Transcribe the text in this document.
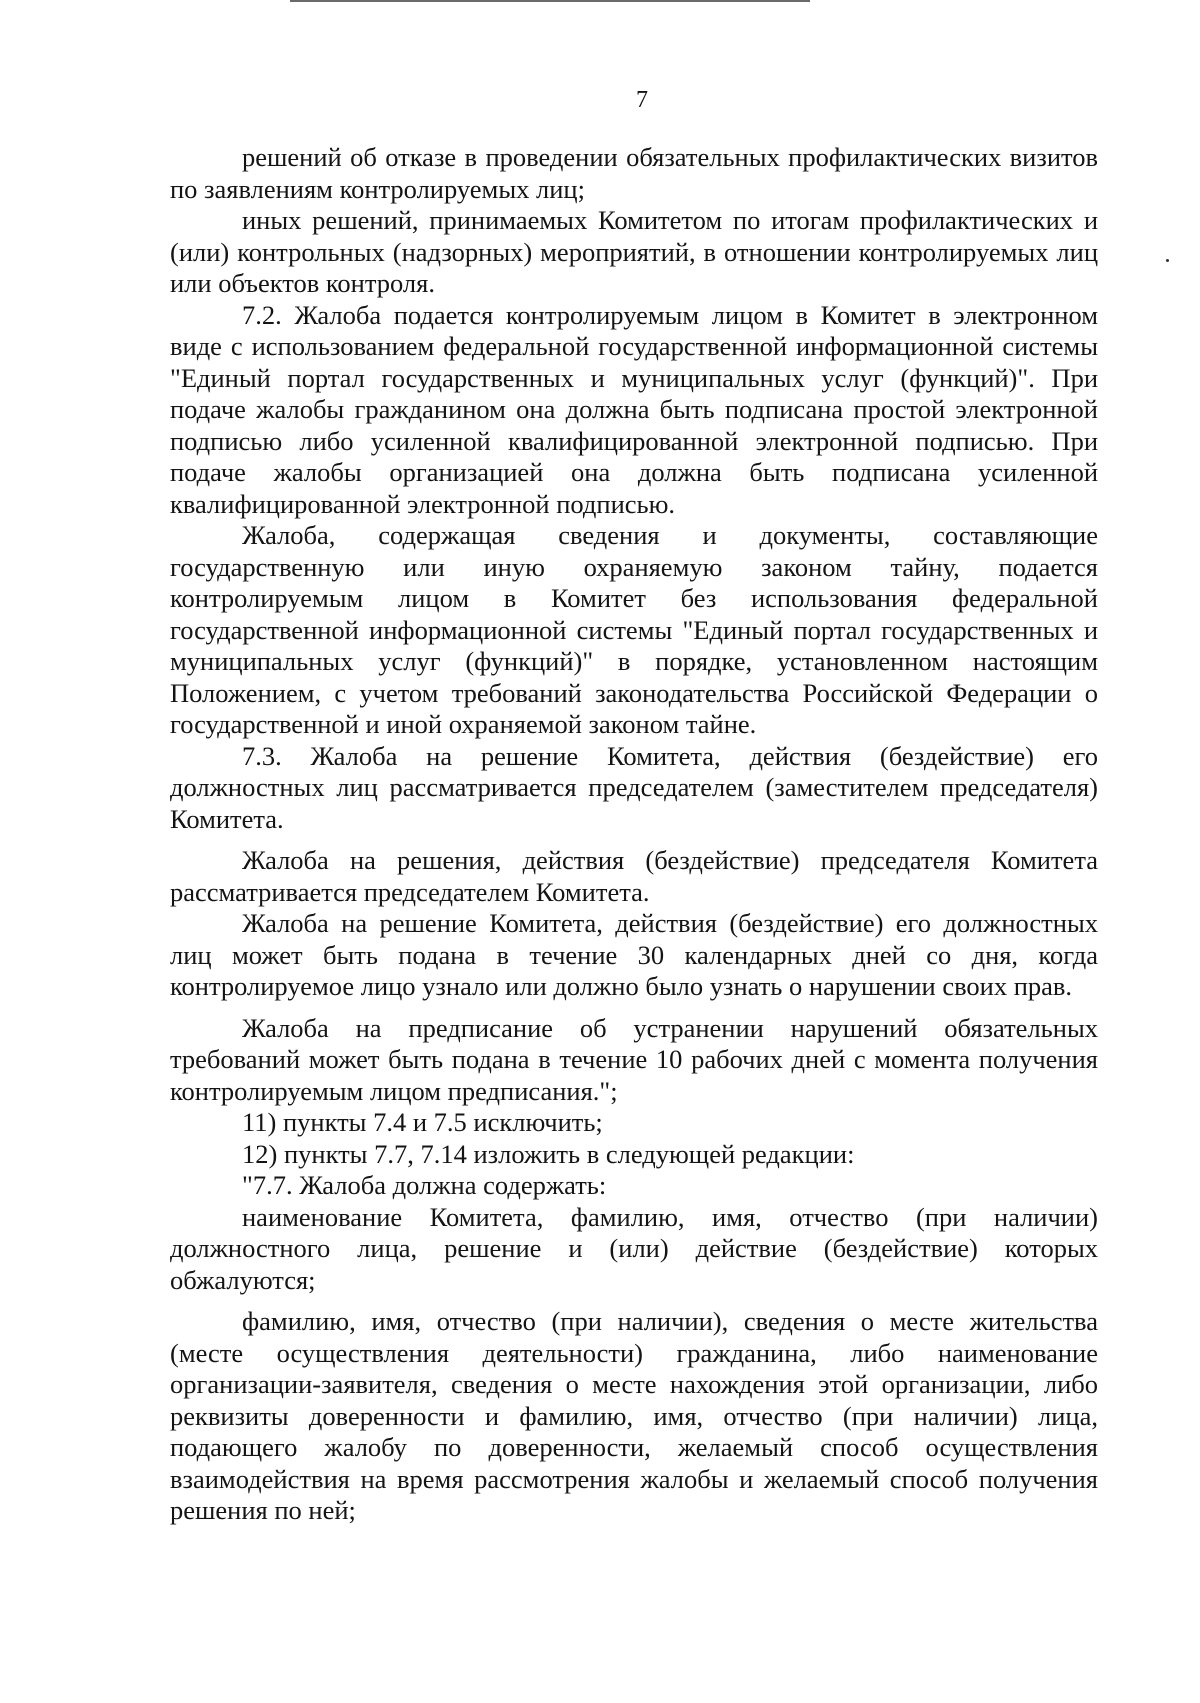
7

решений об отказе в проведении обязательных профилактических визитов по заявлениям контролируемых лиц;

иных решений, принимаемых Комитетом по итогам профилактических и (или) контрольных (надзорных) мероприятий, в отношении контролируемых лиц или объектов контроля.

7.2. Жалоба подается контролируемым лицом в Комитет в электронном виде с использованием федеральной государственной информационной системы "Единый портал государственных и муниципальных услуг (функций)". При подаче жалобы гражданином она должна быть подписана простой электронной подписью либо усиленной квалифицированной электронной подписью. При подаче жалобы организацией она должна быть подписана усиленной квалифицированной электронной подписью.

Жалоба, содержащая сведения и документы, составляющие государственную или иную охраняемую законом тайну, подается контролируемым лицом в Комитет без использования федеральной государственной информационной системы "Единый портал государственных и муниципальных услуг (функций)" в порядке, установленном настоящим Положением, с учетом требований законодательства Российской Федерации о государственной и иной охраняемой законом тайне.

7.3. Жалоба на решение Комитета, действия (бездействие) его должностных лиц рассматривается председателем (заместителем председателя) Комитета.

Жалоба на решения, действия (бездействие) председателя Комитета рассматривается председателем Комитета.

Жалоба на решение Комитета, действия (бездействие) его должностных лиц может быть подана в течение 30 календарных дней со дня, когда контролируемое лицо узнало или должно было узнать о нарушении своих прав.

Жалоба на предписание об устранении нарушений обязательных требований может быть подана в течение 10 рабочих дней с момента получения контролируемым лицом предписания.";

11) пункты 7.4 и 7.5 исключить;

12) пункты 7.7, 7.14 изложить в следующей редакции:

"7.7. Жалоба должна содержать:

наименование Комитета, фамилию, имя, отчество (при наличии) должностного лица, решение и (или) действие (бездействие) которых обжалуются;

фамилию, имя, отчество (при наличии), сведения о месте жительства (месте осуществления деятельности) гражданина, либо наименование организации-заявителя, сведения о месте нахождения этой организации, либо реквизиты доверенности и фамилию, имя, отчество (при наличии) лица, подающего жалобу по доверенности, желаемый способ осуществления взаимодействия на время рассмотрения жалобы и желаемый способ получения решения по ней;
